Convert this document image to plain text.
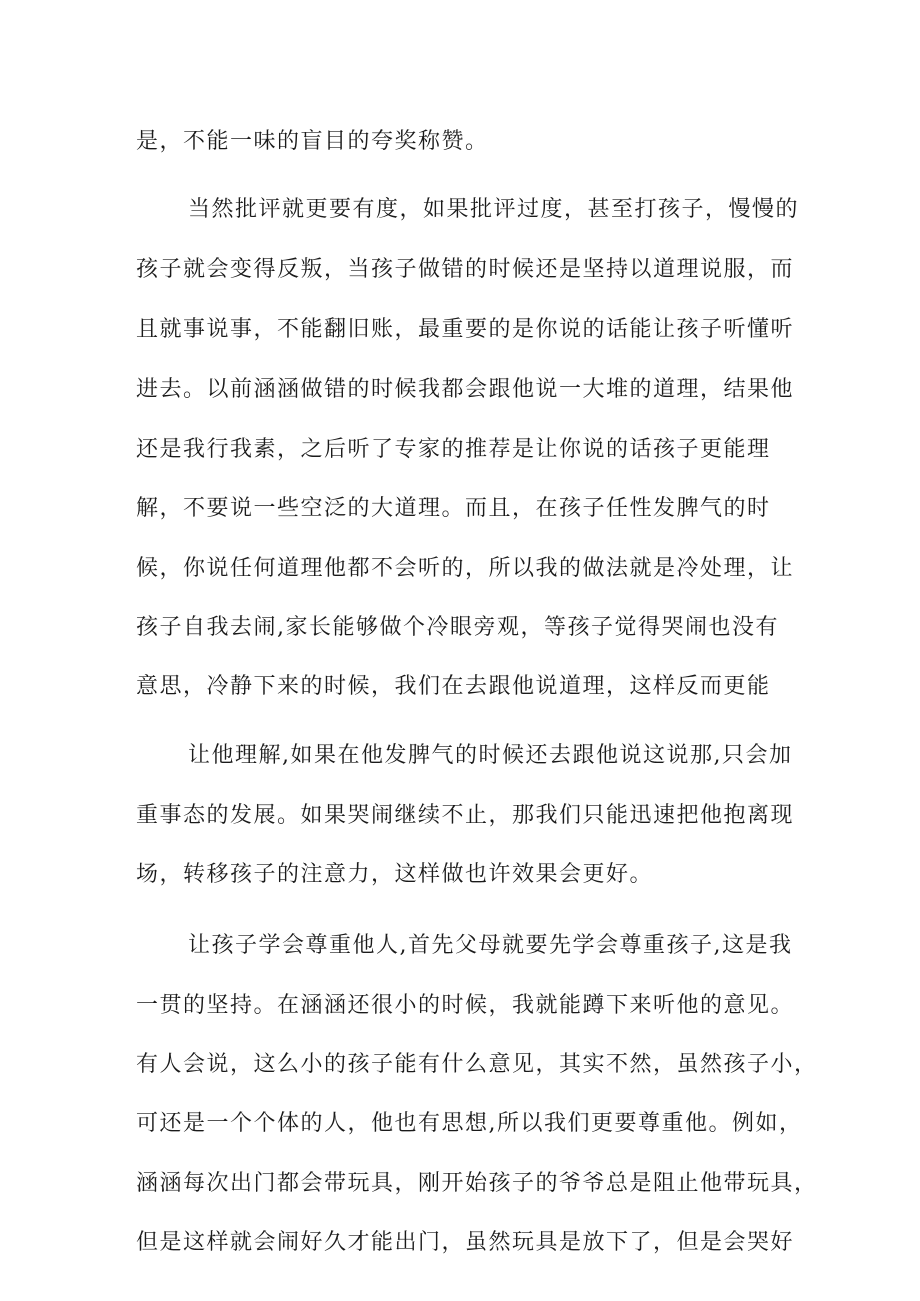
是，不能一味的盲目的夸奖称赞。
当然批评就更要有度，如果批评过度，甚至打孩子，慢慢的
孩子就会变得反叛，当孩子做错的时候还是坚持以道理说服，而
且就事说事，不能翻旧账，最重要的是你说的话能让孩子听懂听
进去。以前涵涵做错的时候我都会跟他说一大堆的道理，结果他
还是我行我素，之后听了专家的推荐是让你说的话孩子更能理
解，不要说一些空泛的大道理。而且，在孩子任性发脾气的时
候，你说任何道理他都不会听的，所以我的做法就是冷处理，让
孩子自我去闹,家长能够做个冷眼旁观，等孩子觉得哭闹也没有
意思，冷静下来的时候，我们在去跟他说道理，这样反而更能
让他理解,如果在他发脾气的时候还去跟他说这说那,只会加
重事态的发展。如果哭闹继续不止，那我们只能迅速把他抱离现
场，转移孩子的注意力，这样做也许效果会更好。
让孩子学会尊重他人,首先父母就要先学会尊重孩子,这是我
一贯的坚持。在涵涵还很小的时候，我就能蹲下来听他的意见。
有人会说，这么小的孩子能有什么意见，其实不然，虽然孩子小，
可还是一个个体的人，他也有思想,所以我们更要尊重他。例如，
涵涵每次出门都会带玩具，刚开始孩子的爷爷总是阻止他带玩具，
但是这样就会闹好久才能出门，虽然玩具是放下了，但是会哭好
